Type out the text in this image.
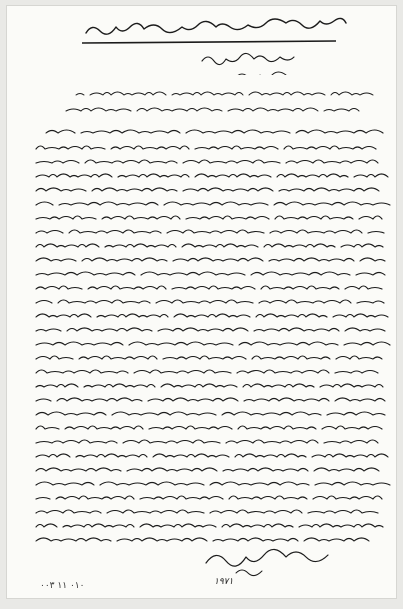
١٩٧١
٠١٠ ١١ ٠٠٣
